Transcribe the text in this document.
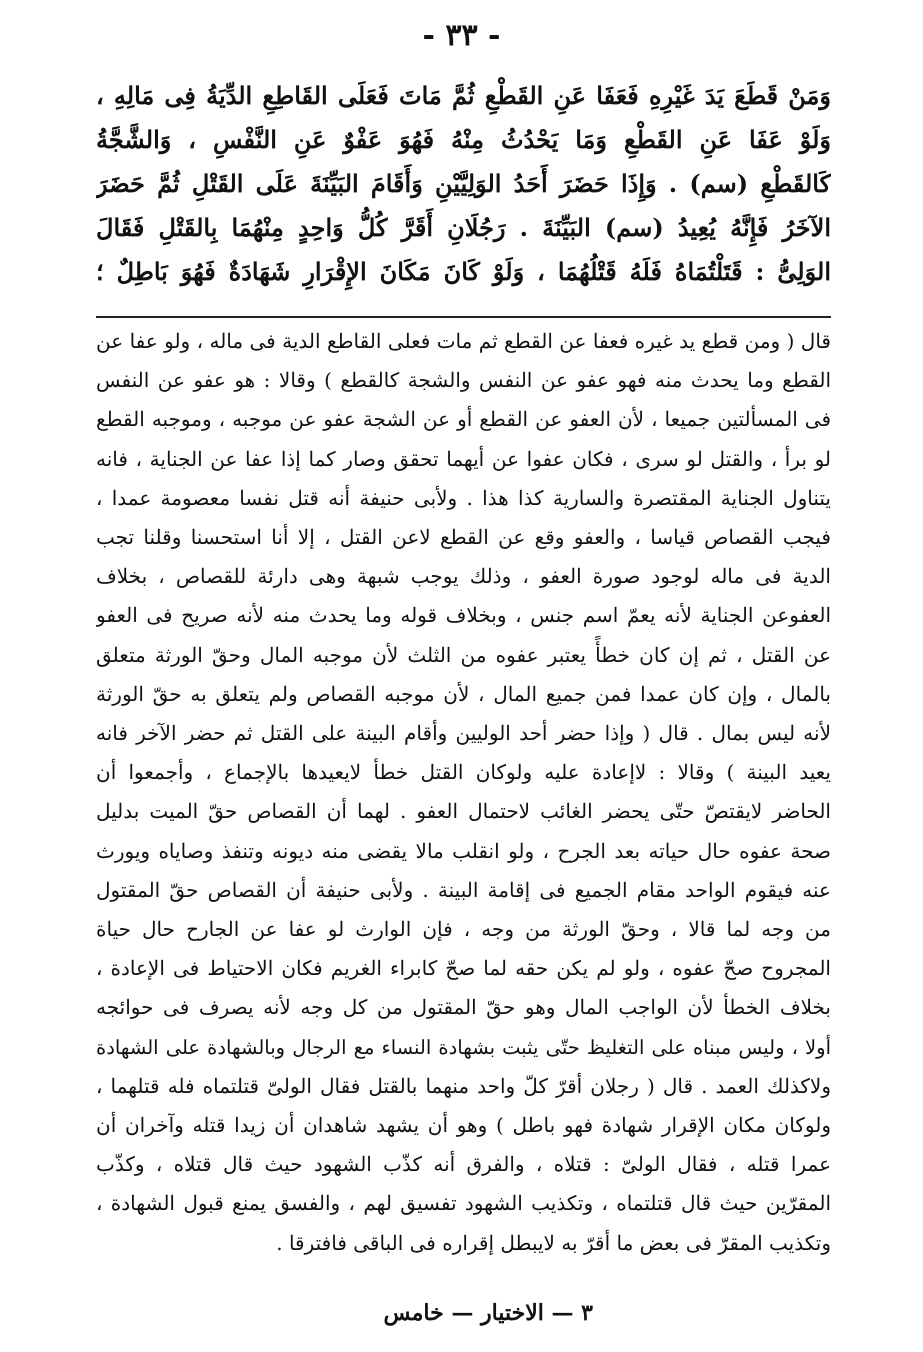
- ٣٣ -
وَمَنْ قَطَعَ يَدَ غَيْرِهِ فَعَفَا عَنِ القَطْعِ ثُمَّ مَاتَ فَعَلَى القَاطِعِ الدِّيَةُ فِى مَالِهِ ،
وَلَوْ عَفَا عَنِ القَطْعِ وَمَا يَحْدُثُ مِنْهُ فَهُوَ عَفْوٌ عَنِ النَّفْسِ ، وَالشَّجَّةُ
كَالقَطْعِ (سم) . وَإِذَا حَضَرَ أَحَدُ الوَلِيَّيْنِ وَأَقَامَ البَيِّنَةَ عَلَى القَتْلِ ثُمَّ حَضَرَ
الآخَرُ فَإِنَّهُ يُعِيدُ (سم) البَيِّنَةَ . رَجُلَانِ أَقَرَّ كُلُّ وَاحِدٍ مِنْهُمَا بِالقَتْلِ فَقَالَ
الوَلِىُّ : قَتَلْتُمَاهُ فَلَهُ قَتْلُهُمَا ، وَلَوْ كَانَ مَكَانَ الإِقْرَارِ شَهَادَةٌ فَهُوَ بَاطِلٌ ؛
قال ( ومن قطع يد غيره فعفا عن القطع ثم مات فعلى القاطع الدية فى ماله ، ولو عفا عن
القطع وما يحدث منه فهو عفو عن النفس والشجة كالقطع ) وقالا : هو عفو عن النفس
فى المسألتين جميعا ، لأن العفو عن القطع أو عن الشجة عفو عن موجبه ، وموجبه القطع
لو برأ ، والقتل لو سرى ، فكان عفوا عن أيهما تحقق وصار كما إذا عفا عن الجناية ، فانه
يتناول الجناية المقتصرة والسارية كذا هذا . ولأبى حنيفة أنه قتل نفسا معصومة عمدا ،
فيجب القصاص قياسا ، والعفو وقع عن القطع لاعن القتل ، إلا أنا استحسنا وقلنا تجب
الدية فى ماله لوجود صورة العفو ، وذلك يوجب شبهة وهى دارئة للقصاص ، بخلاف
العفوعن الجناية لأنه يعمّ اسم جنس ، وبخلاف قوله وما يحدث منه لأنه صريح فى العفو
عن القتل ، ثم إن كان خطأً يعتبر عفوه من الثلث لأن موجبه المال وحقّ الورثة متعلق
بالمال ، وإن كان عمدا فمن جميع المال ، لأن موجبه القصاص ولم يتعلق به حقّ الورثة
لأنه ليس بمال . قال ( وإذا حضر أحد الوليين وأقام البينة على القتل ثم حضر الآخر فانه
يعيد البينة ) وقالا : لاإعادة عليه ولوكان القتل خطأ لايعيدها بالإجماع ، وأجمعوا أن
الحاضر لايقتصّ حتّى يحضر الغائب لاحتمال العفو . لهما أن القصاص حقّ الميت بدليل
صحة عفوه حال حياته بعد الجرح ، ولو انقلب مالا يقضى منه ديونه وتنفذ وصاياه ويورث
عنه فيقوم الواحد مقام الجميع فى إقامة البينة . ولأبى حنيفة أن القصاص حقّ المقتول
من وجه لما قالا ، وحقّ الورثة من وجه ، فإن الوارث لو عفا عن الجارح حال حياة
المجروح صحّ عفوه ، ولو لم يكن حقه لما صحّ كابراء الغريم فكان الاحتياط فى الإعادة ،
بخلاف الخطأ لأن الواجب المال وهو حقّ المقتول من كل وجه لأنه يصرف فى حوائجه
أولا ، وليس مبناه على التغليظ حتّى يثبت بشهادة النساء مع الرجال وبالشهادة على الشهادة
ولاكذلك العمد . قال ( رجلان أقرّ كلّ واحد منهما بالقتل فقال الولىّ قتلتماه فله قتلهما ،
ولوكان مكان الإقرار شهادة فهو باطل ) وهو أن يشهد شاهدان أن زيدا قتله وآخران أن
عمرا قتله ، فقال الولىّ : قتلاه ، والفرق أنه كذّب الشهود حيث قال قتلاه ، وكذّب
المقرّين حيث قال قتلتماه ، وتكذيب الشهود تفسيق لهم ، والفسق يمنع قبول الشهادة ،
وتكذيب المقرّ فى بعض ما أقرّ به لايبطل إقراره فى الباقى فافترقا .
٣ — الاختيار — خامس
